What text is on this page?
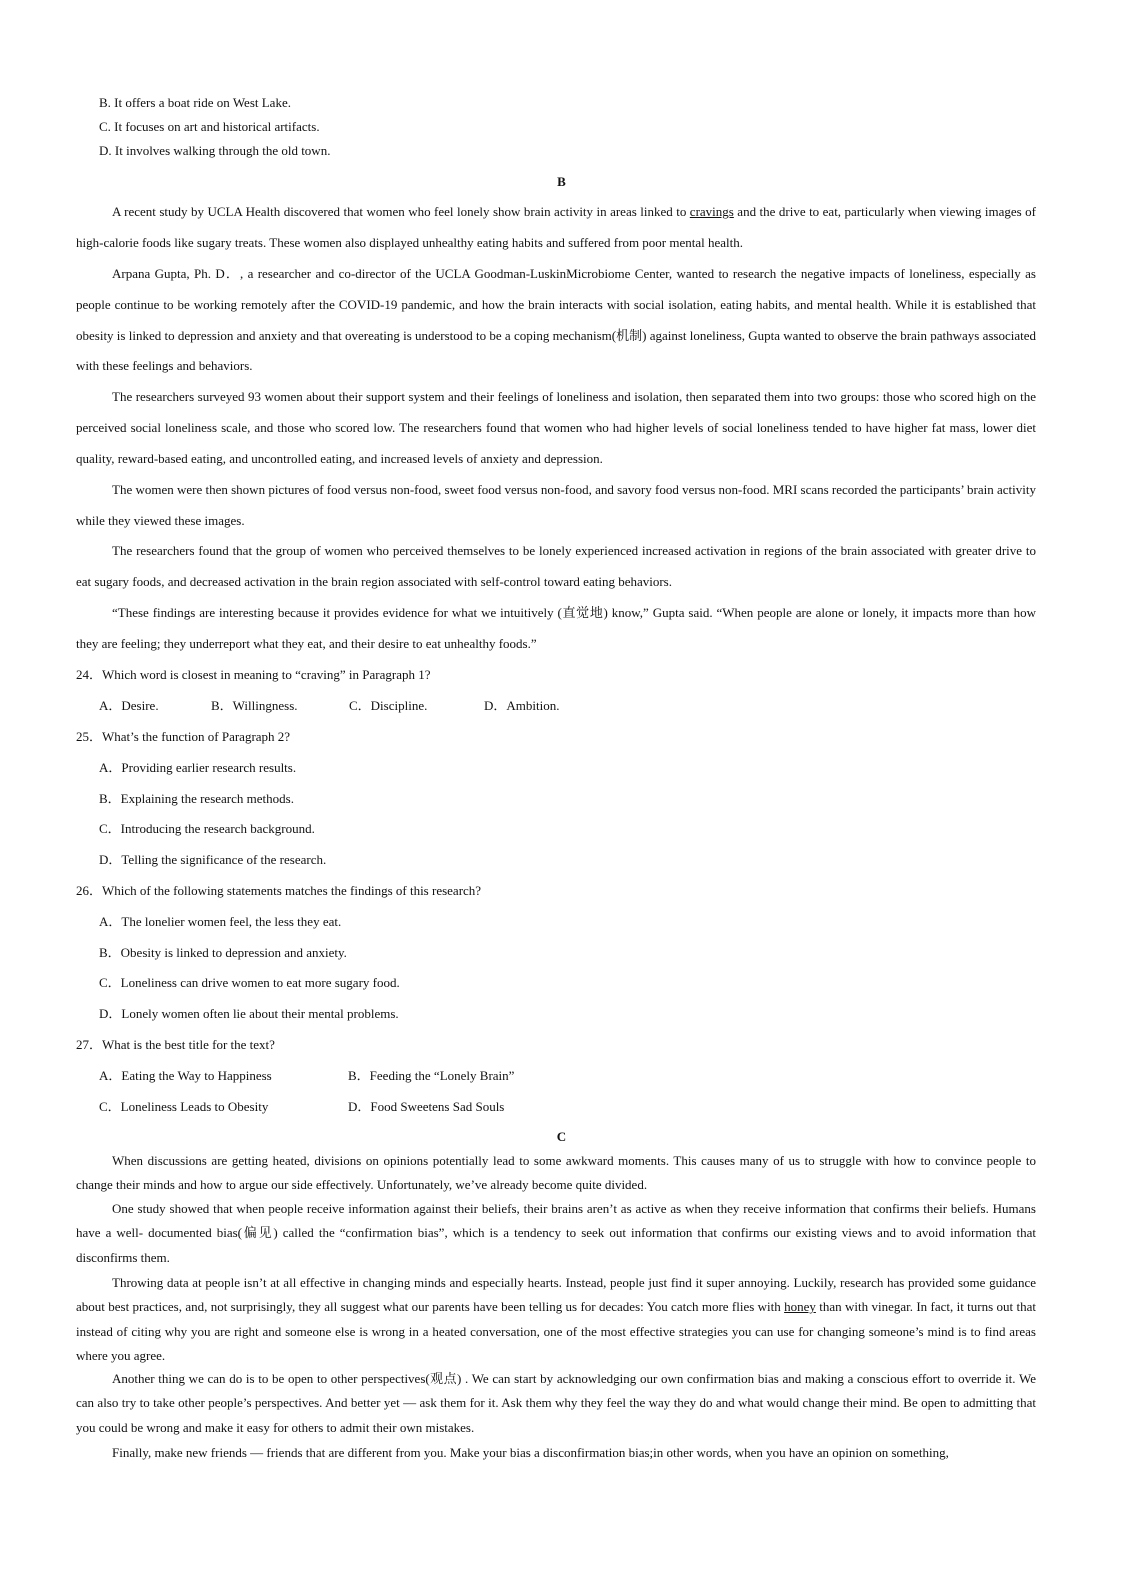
B. It offers a boat ride on West Lake.
C. It focuses on art and historical artifacts.
D. It involves walking through the old town.
B
A recent study by UCLA Health discovered that women who feel lonely show brain activity in areas linked to cravings and the drive to eat, particularly when viewing images of high-calorie foods like sugary treats. These women also displayed unhealthy eating habits and suffered from poor mental health.
Arpana Gupta, Ph. D．, a researcher and co-director of the UCLA Goodman-LuskinMicrobiome Center, wanted to research the negative impacts of loneliness, especially as people continue to be working remotely after the COVID-19 pandemic, and how the brain interacts with social isolation, eating habits, and mental health. While it is established that obesity is linked to depression and anxiety and that overeating is understood to be a coping mechanism(机制) against loneliness, Gupta wanted to observe the brain pathways associated with these feelings and behaviors.
The researchers surveyed 93 women about their support system and their feelings of loneliness and isolation, then separated them into two groups: those who scored high on the perceived social loneliness scale, and those who scored low. The researchers found that women who had higher levels of social loneliness tended to have higher fat mass, lower diet quality, reward-based eating, and uncontrolled eating, and increased levels of anxiety and depression.
The women were then shown pictures of food versus non-food, sweet food versus non-food, and savory food versus non-food. MRI scans recorded the participants’ brain activity while they viewed these images.
The researchers found that the group of women who perceived themselves to be lonely experienced increased activation in regions of the brain associated with greater drive to eat sugary foods, and decreased activation in the brain region associated with self-control toward eating behaviors.
“These findings are interesting because it provides evidence for what we intuitively (直觉地) know,” Gupta said. “When people are alone or lonely, it impacts more than how they are feeling; they underreport what they eat, and their desire to eat unhealthy foods.”
24．Which word is closest in meaning to “craving” in Paragraph 1?
A．Desire.	B．Willingness.	C．Discipline.	D．Ambition.
25．What’s the function of Paragraph 2?
A．Providing earlier research results.
B．Explaining the research methods.
C．Introducing the research background.
D．Telling the significance of the research.
26．Which of the following statements matches the findings of this research?
A．The lonelier women feel, the less they eat.
B．Obesity is linked to depression and anxiety.
C．Loneliness can drive women to eat more sugary food.
D．Lonely women often lie about their mental problems.
27．What is the best title for the text?
A．Eating the Way to Happiness	B．Feeding the “Lonely Brain”
C．Loneliness Leads to Obesity	D．Food Sweetens Sad Souls
C
When discussions are getting heated, divisions on opinions potentially lead to some awkward moments. This causes many of us to struggle with how to convince people to change their minds and how to argue our side effectively. Unfortunately, we’ve already become quite divided.
One study showed that when people receive information against their beliefs, their brains aren’t as active as when they receive information that confirms their beliefs. Humans have a well- documented bias(偏见) called the “confirmation bias”, which is a tendency to seek out information that confirms our existing views and to avoid information that disconfirms them.
Throwing data at people isn’t at all effective in changing minds and especially hearts. Instead, people just find it super annoying. Luckily, research has provided some guidance about best practices, and, not surprisingly, they all suggest what our parents have been telling us for decades: You catch more flies with honey than with vinegar. In fact, it turns out that instead of citing why you are right and someone else is wrong in a heated conversation, one of the most effective strategies you can use for changing someone’s mind is to find areas where you agree.
Another thing we can do is to be open to other perspectives(观点) . We can start by acknowledging our own confirmation bias and making a conscious effort to override it. We can also try to take other people’s perspectives. And better yet — ask them for it. Ask them why they feel the way they do and what would change their mind. Be open to admitting that you could be wrong and make it easy for others to admit their own mistakes.
Finally, make new friends — friends that are different from you. Make your bias a disconfirmation bias;in other words, when you have an opinion on something,
